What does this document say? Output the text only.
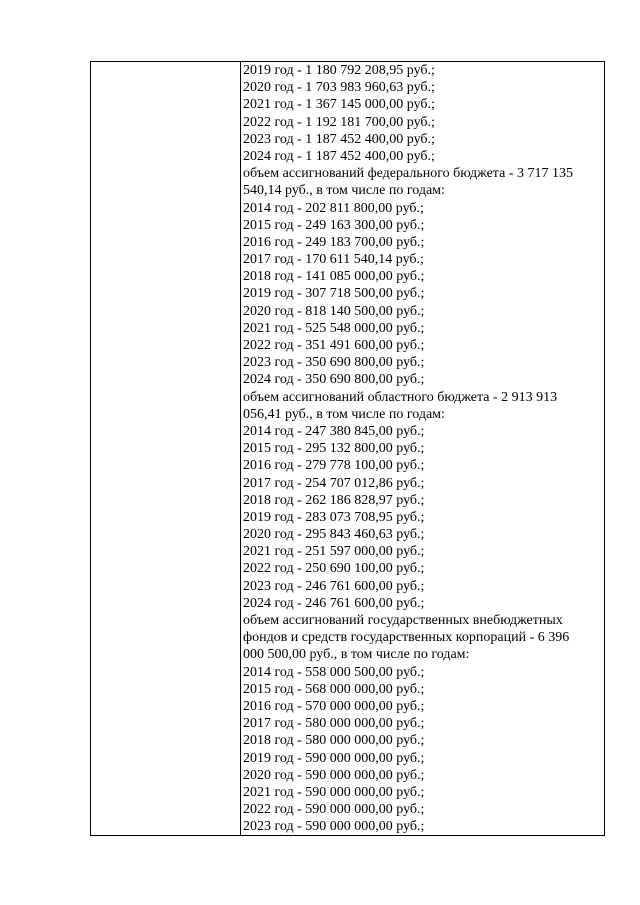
2019 год - 1 180 792 208,95 руб.;
2020 год - 1 703 983 960,63 руб.;
2021 год - 1 367 145 000,00 руб.;
2022 год - 1 192 181 700,00 руб.;
2023 год - 1 187 452 400,00 руб.;
2024 год - 1 187 452 400,00 руб.;
объем ассигнований федерального бюджета - 3 717 135
540,14 руб., в том числе по годам:
2014 год - 202 811 800,00 руб.;
2015 год - 249 163 300,00 руб.;
2016 год - 249 183 700,00 руб.;
2017 год - 170 611 540,14 руб.;
2018 год - 141 085 000,00 руб.;
2019 год - 307 718 500,00 руб.;
2020 год - 818 140 500,00 руб.;
2021 год - 525 548 000,00 руб.;
2022 год - 351 491 600,00 руб.;
2023 год - 350 690 800,00 руб.;
2024 год - 350 690 800,00 руб.;
объем ассигнований областного бюджета - 2 913 913
056,41 руб., в том числе по годам:
2014 год - 247 380 845,00 руб.;
2015 год - 295 132 800,00 руб.;
2016 год - 279 778 100,00 руб.;
2017 год - 254 707 012,86 руб.;
2018 год - 262 186 828,97 руб.;
2019 год - 283 073 708,95 руб.;
2020 год - 295 843 460,63 руб.;
2021 год - 251 597 000,00 руб.;
2022 год - 250 690 100,00 руб.;
2023 год - 246 761 600,00 руб.;
2024 год - 246 761 600,00 руб.;
объем ассигнований государственных внебюджетных
фондов и средств государственных корпораций - 6 396
000 500,00 руб., в том числе по годам:
2014 год - 558 000 500,00 руб.;
2015 год - 568 000 000,00 руб.;
2016 год - 570 000 000,00 руб.;
2017 год - 580 000 000,00 руб.;
2018 год - 580 000 000,00 руб.;
2019 год - 590 000 000,00 руб.;
2020 год - 590 000 000,00 руб.;
2021 год - 590 000 000,00 руб.;
2022 год - 590 000 000,00 руб.;
2023 год - 590 000 000,00 руб.;
